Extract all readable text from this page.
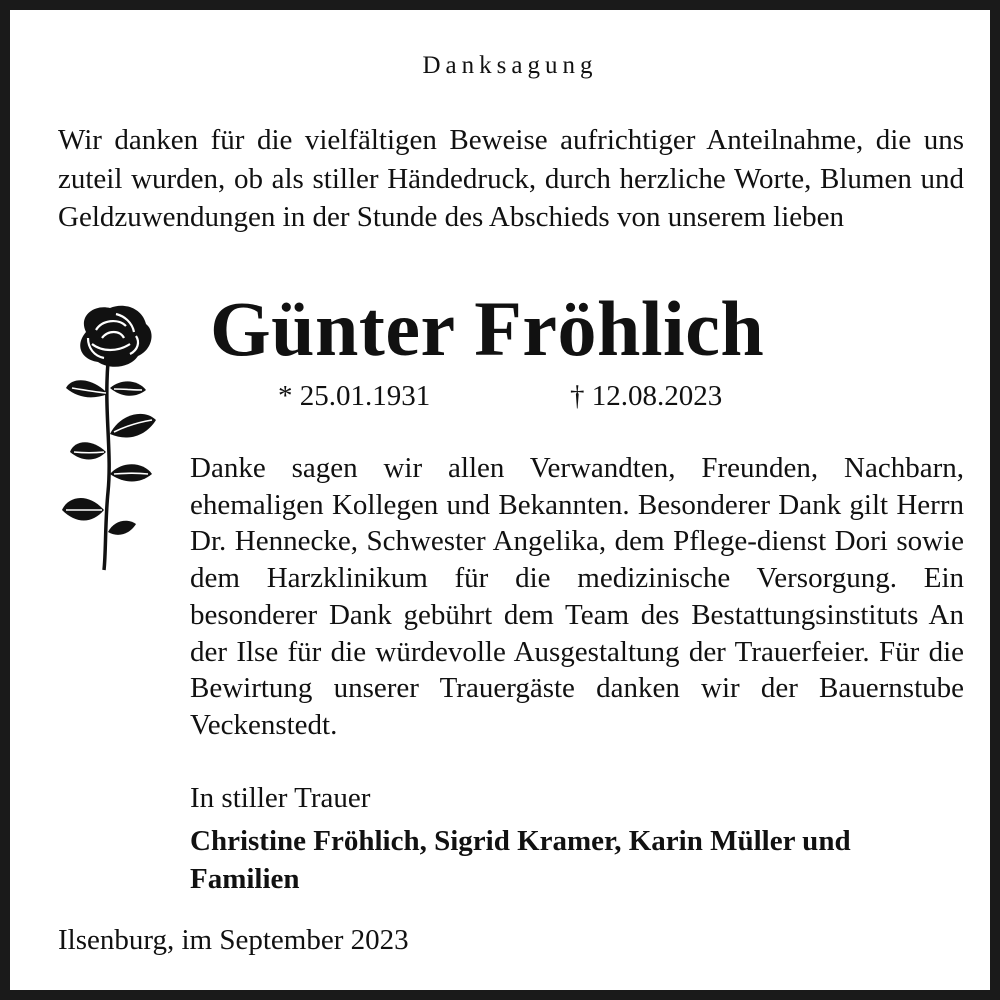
Danksagung
Wir danken für die vielfältigen Beweise aufrichtiger Anteilnahme, die uns zuteil wurden, ob als stiller Händedruck, durch herzliche Worte, Blumen und Geldzuwendungen in der Stunde des Abschieds von unserem lieben
Günter Fröhlich
* 25.01.1931	† 12.08.2023
Danke sagen wir allen Verwandten, Freunden, Nachbarn, ehemaligen Kollegen und Bekannten. Besonderer Dank gilt Herrn Dr. Hennecke, Schwester Angelika, dem Pflege-dienst Dori sowie dem Harzklinikum für die medizinische Versorgung. Ein besonderer Dank gebührt dem Team des Bestattungsinstituts An der Ilse für die würdevolle Ausgestaltung der Trauerfeier. Für die Bewirtung unserer Trauergäste danken wir der Bauernstube Veckenstedt.
In stiller Trauer
Christine Fröhlich, Sigrid Kramer, Karin Müller und Familien
Ilsenburg, im September 2023
